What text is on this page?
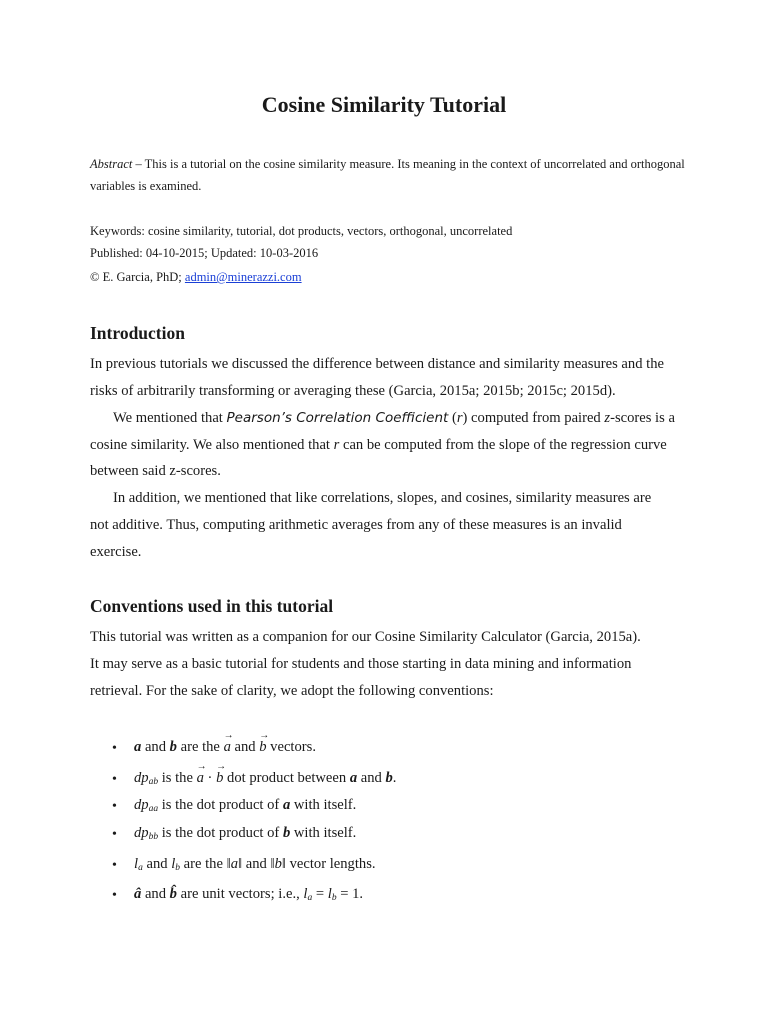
Cosine Similarity Tutorial
Abstract – This is a tutorial on the cosine similarity measure. Its meaning in the context of uncorrelated and orthogonal
variables is examined.
Keywords: cosine similarity, tutorial, dot products, vectors, orthogonal, uncorrelated
Published: 04-10-2015; Updated: 10-03-2016
© E. Garcia, PhD; admin@minerazzi.com
Introduction
In previous tutorials we discussed the difference between distance and similarity measures and the
risks of arbitrarily transforming or averaging these (Garcia, 2015a; 2015b; 2015c; 2015d).
We mentioned that Pearson’s Correlation Coefficient (r) computed from paired z-scores is a
cosine similarity. We also mentioned that r can be computed from the slope of the regression curve
between said z-scores.
In addition, we mentioned that like correlations, slopes, and cosines, similarity measures are
not additive. Thus, computing arithmetic averages from any of these measures is an invalid
exercise.
Conventions used in this tutorial
This tutorial was written as a companion for our Cosine Similarity Calculator (Garcia, 2015a).
It may serve as a basic tutorial for students and those starting in data mining and information
retrieval. For the sake of clarity, we adopt the following conventions:
• a and b are the → a and → b vectors.
• $dp_{ab}$ is the → a · → b dot product between a and b.
• $dp_{aa}$ is the dot product of a with itself.
• $dp_{bb}$ is the dot product of b with itself.
• $l_a$ and $l_b$ are the ‖a‖ and ‖b‖ vector lengths.
• â and b̂ are unit vectors; i.e., $l_a = l_b = 1$.
